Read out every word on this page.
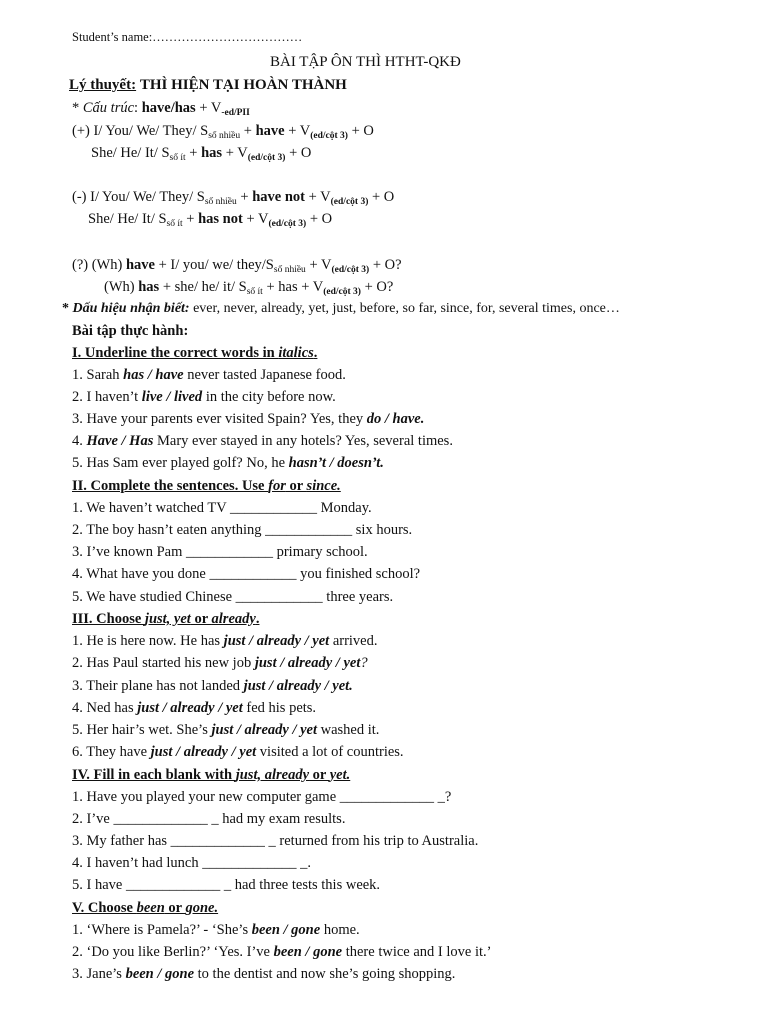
Student’s name:………………………………
BÀI TẬP ÔN THÌ HTHT-QKĐ
Lý thuyết: THÌ HIỆN TẠI HOÀN THÀNH
* Cấu trúc: have/has + $V_{-ed/PII}$
(+) I/ You/ We/ They/ $S_{số nhiều}$ + have + $V_{(ed/cột 3)} + O$
She/ He/ It/ $S_{số ít}$ + has + $V_{(ed/cột 3)} + O$
(-) I/ You/ We/ They/ $S_{số nhiều}$ + have not + $V_{(ed/cột 3)} + O$
She/ He/ It/ $S_{số ít}$ + has not + $V_{(ed/cột 3)} + O$
(?) (Wh) have + I/ you/ we/ they/$S_{số nhiều} + V_{(ed/cột 3)} + O$?
(Wh) has + she/ he/ it/ $S_{số ít}$ + has + $V_{(ed/cột 3)} + O$?
* Dấu hiệu nhận biết: ever, never, already, yet, just, before, so far, since, for, several times, once…
Bài tập thực hành:
I. Underline the correct words in italics.
1. Sarah has / have never tasted Japanese food.
2. I haven’t live / lived in the city before now.
3. Have your parents ever visited Spain? Yes, they do / have.
4. Have / Has Mary ever stayed in any hotels? Yes, several times.
5. Has Sam ever played golf? No, he hasn’t / doesn’t.
II. Complete the sentences. Use for or since.
1. We haven’t watched TV ____________ Monday.
2. The boy hasn’t eaten anything ____________ six hours.
3. I’ve known Pam ____________ primary school.
4. What have you done ____________ you finished school?
5. We have studied Chinese ____________ three years.
III. Choose just, yet or already.
1. He is here now. He has just / already / yet arrived.
2. Has Paul started his new job just / already / yet?
3. Their plane has not landed just / already / yet.
4. Ned has just / already / yet fed his pets.
5. Her hair’s wet. She’s just / already / yet washed it.
6. They have just / already / yet visited a lot of countries.
IV. Fill in each blank with just, already or yet.
1. Have you played your new computer game _____________ _?
2. I’ve _____________ _ had my exam results.
3. My father has _____________ _ returned from his trip to Australia.
4. I haven’t had lunch _____________ _.
5. I have _____________ _ had three tests this week.
V. Choose been or gone.
1. ‘Where is Pamela?’ - ‘She’s been / gone home.
2. ‘Do you like Berlin?’ ‘Yes. I’ve been / gone there twice and I love it.’
3. Jane’s been / gone to the dentist and now she’s going shopping.
